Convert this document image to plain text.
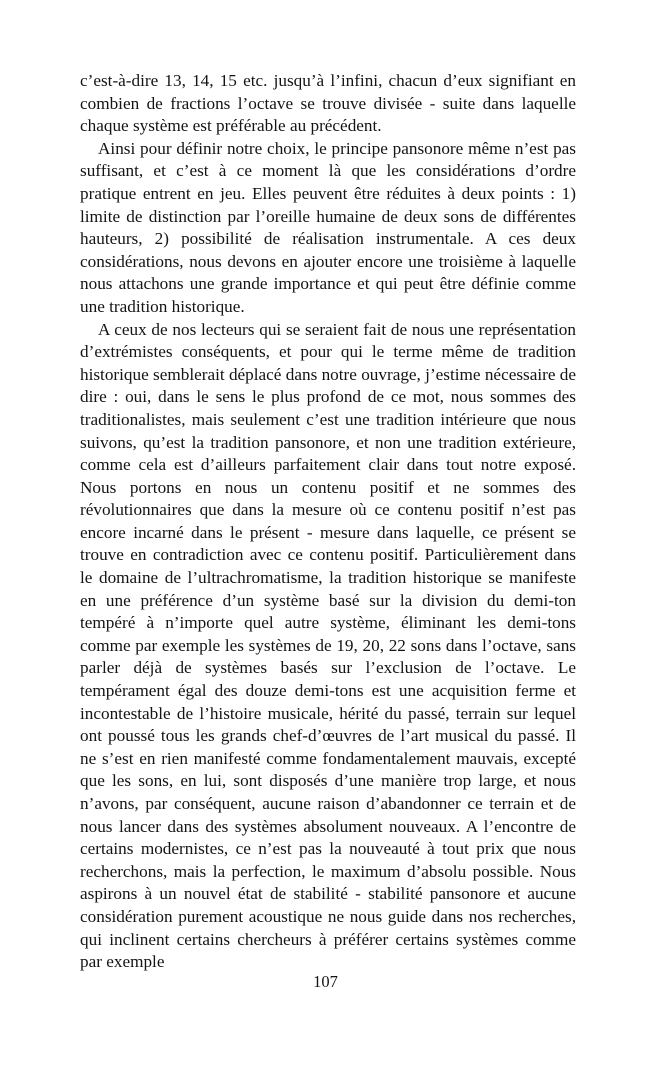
c’est-à-dire 13, 14, 15 etc. jusqu’à l’infini, chacun d’eux signifiant en combien de fractions l’octave se trouve divisée - suite dans laquelle chaque système est préférable au précédent.

Ainsi pour définir notre choix, le principe pansonore même n’est pas suffisant, et c’est à ce moment là que les considérations d’ordre pratique entrent en jeu. Elles peuvent être réduites à deux points : 1) limite de distinction par l’oreille humaine de deux sons de différentes hauteurs, 2) possibilité de réalisation instrumentale. A ces deux considérations, nous devons en ajouter encore une troisième à laquelle nous attachons une grande importance et qui peut être définie comme une tradition historique.

A ceux de nos lecteurs qui se seraient fait de nous une représentation d’extrémistes conséquents, et pour qui le terme même de tradition historique semblerait déplacé dans notre ouvrage, j’estime nécessaire de dire : oui, dans le sens le plus profond de ce mot, nous sommes des traditionalistes, mais seulement c’est une tradition intérieure que nous suivons, qu’est la tradition pansonore, et non une tradition extérieure, comme cela est d’ailleurs parfaitement clair dans tout notre exposé. Nous portons en nous un contenu positif et ne sommes des révolutionnaires que dans la mesure où ce contenu positif n’est pas encore incarné dans le présent - mesure dans laquelle, ce présent se trouve en contradiction avec ce contenu positif. Particulièrement dans le domaine de l’ultrachromatisme, la tradition historique se manifeste en une préférence d’un système basé sur la division du demi-ton tempéré à n’importe quel autre système, éliminant les demi-tons comme par exemple les systèmes de 19, 20, 22 sons dans l’octave, sans parler déjà de systèmes basés sur l’exclusion de l’octave. Le tempérament égal des douze demi-tons est une acquisition ferme et incontestable de l’histoire musicale, hérité du passé, terrain sur lequel ont poussé tous les grands chef-d’œuvres de l’art musical du passé. Il ne s’est en rien manifesté comme fondamentalement mauvais, excepté que les sons, en lui, sont disposés d’une manière trop large, et nous n’avons, par conséquent, aucune raison d’abandonner ce terrain et de nous lancer dans des systèmes absolument nouveaux. A l’encontre de certains modernistes, ce n’est pas la nouveauté à tout prix que nous recherchons, mais la perfection, le maximum d’absolu possible. Nous aspirons à un nouvel état de stabilité - stabilité pansonore et aucune considération purement acoustique ne nous guide dans nos recherches, qui inclinent certains chercheurs à préférer certains systèmes comme par exemple

107
